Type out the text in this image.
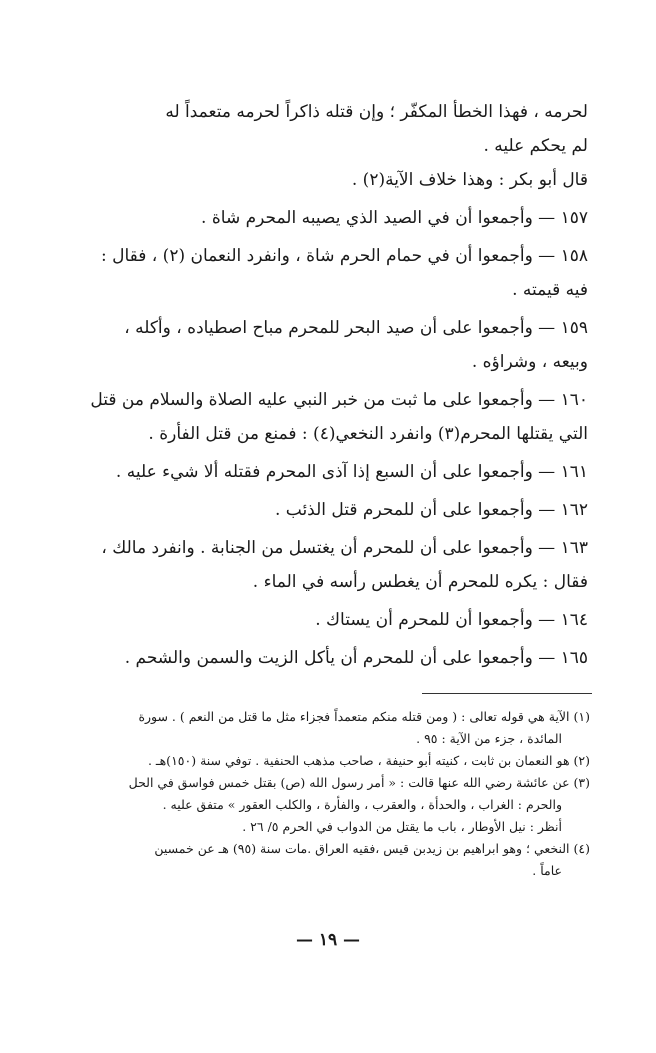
لحرمه ، فهذا الخطأ المكفّر ؛ وإن قتله ذاكراً لحرمه متعمداً له

لم يحكم عليه .

قال أبو بكر : وهذا خلاف الآية(٢) .

١٥٧ — وأجمعوا أن في الصيد الذي يصيبه المحرم شاة .

١٥٨ — وأجمعوا أن في حمام الحرم شاة ، وانفرد النعمان (٢) ، فقال :

فيه قيمته .

١٥٩ — وأجمعوا على أن صيد البحر للمحرم مباح اصطياده ، وأكله ،

وبيعه ، وشراؤه .

١٦٠ — وأجمعوا على ما ثبت من خبر النبي عليه الصلاة والسلام من قتل

التي يقتلها المحرم(٣) وانفرد النخعي(٤) : فمنع من قتل الفأرة .

١٦١ — وأجمعوا على أن السبع إذا آذى المحرم فقتله ألا شيء عليه .

١٦٢ — وأجمعوا على أن للمحرم قتل الذئب .

١٦٣ — وأجمعوا على أن للمحرم أن يغتسل من الجنابة . وانفرد مالك ،

فقال : يكره للمحرم أن يغطس رأسه في الماء .

١٦٤ — وأجمعوا أن للمحرم أن يستاك .

١٦٥ — وأجمعوا على أن للمحرم أن يأكل الزيت والسمن والشحم .

(١) الآية هي قوله تعالى : ( ومن قتله منكم متعمداً فجزاء مثل ما قتل من النعم ) . سورة

المائدة ، جزء من الآية : ٩٥ .

(٢) هو النعمان بن ثابت ، كنيته أبو حنيفة ، صاحب مذهب الحنفية . توفي سنة (١٥٠)هـ .

(٣) عن عائشة رضي الله عنها قالت : « أمر رسول الله (ص) بقتل خمس فواسق في الحل

والحرم : الغراب ، والحدأة ، والعقرب ، والفأرة ، والكلب العقور » متفق عليه .

أنظر : نيل الأوطار ، باب ما يقتل من الدواب في الحرم ٥/ ٢٦ .

(٤) النخعي ؛ وهو ابراهيم بن زيدبن قيس ،فقيه العراق .مات سنة (٩٥) هـ عن خمسين

عاماً .

— ١٩ —
